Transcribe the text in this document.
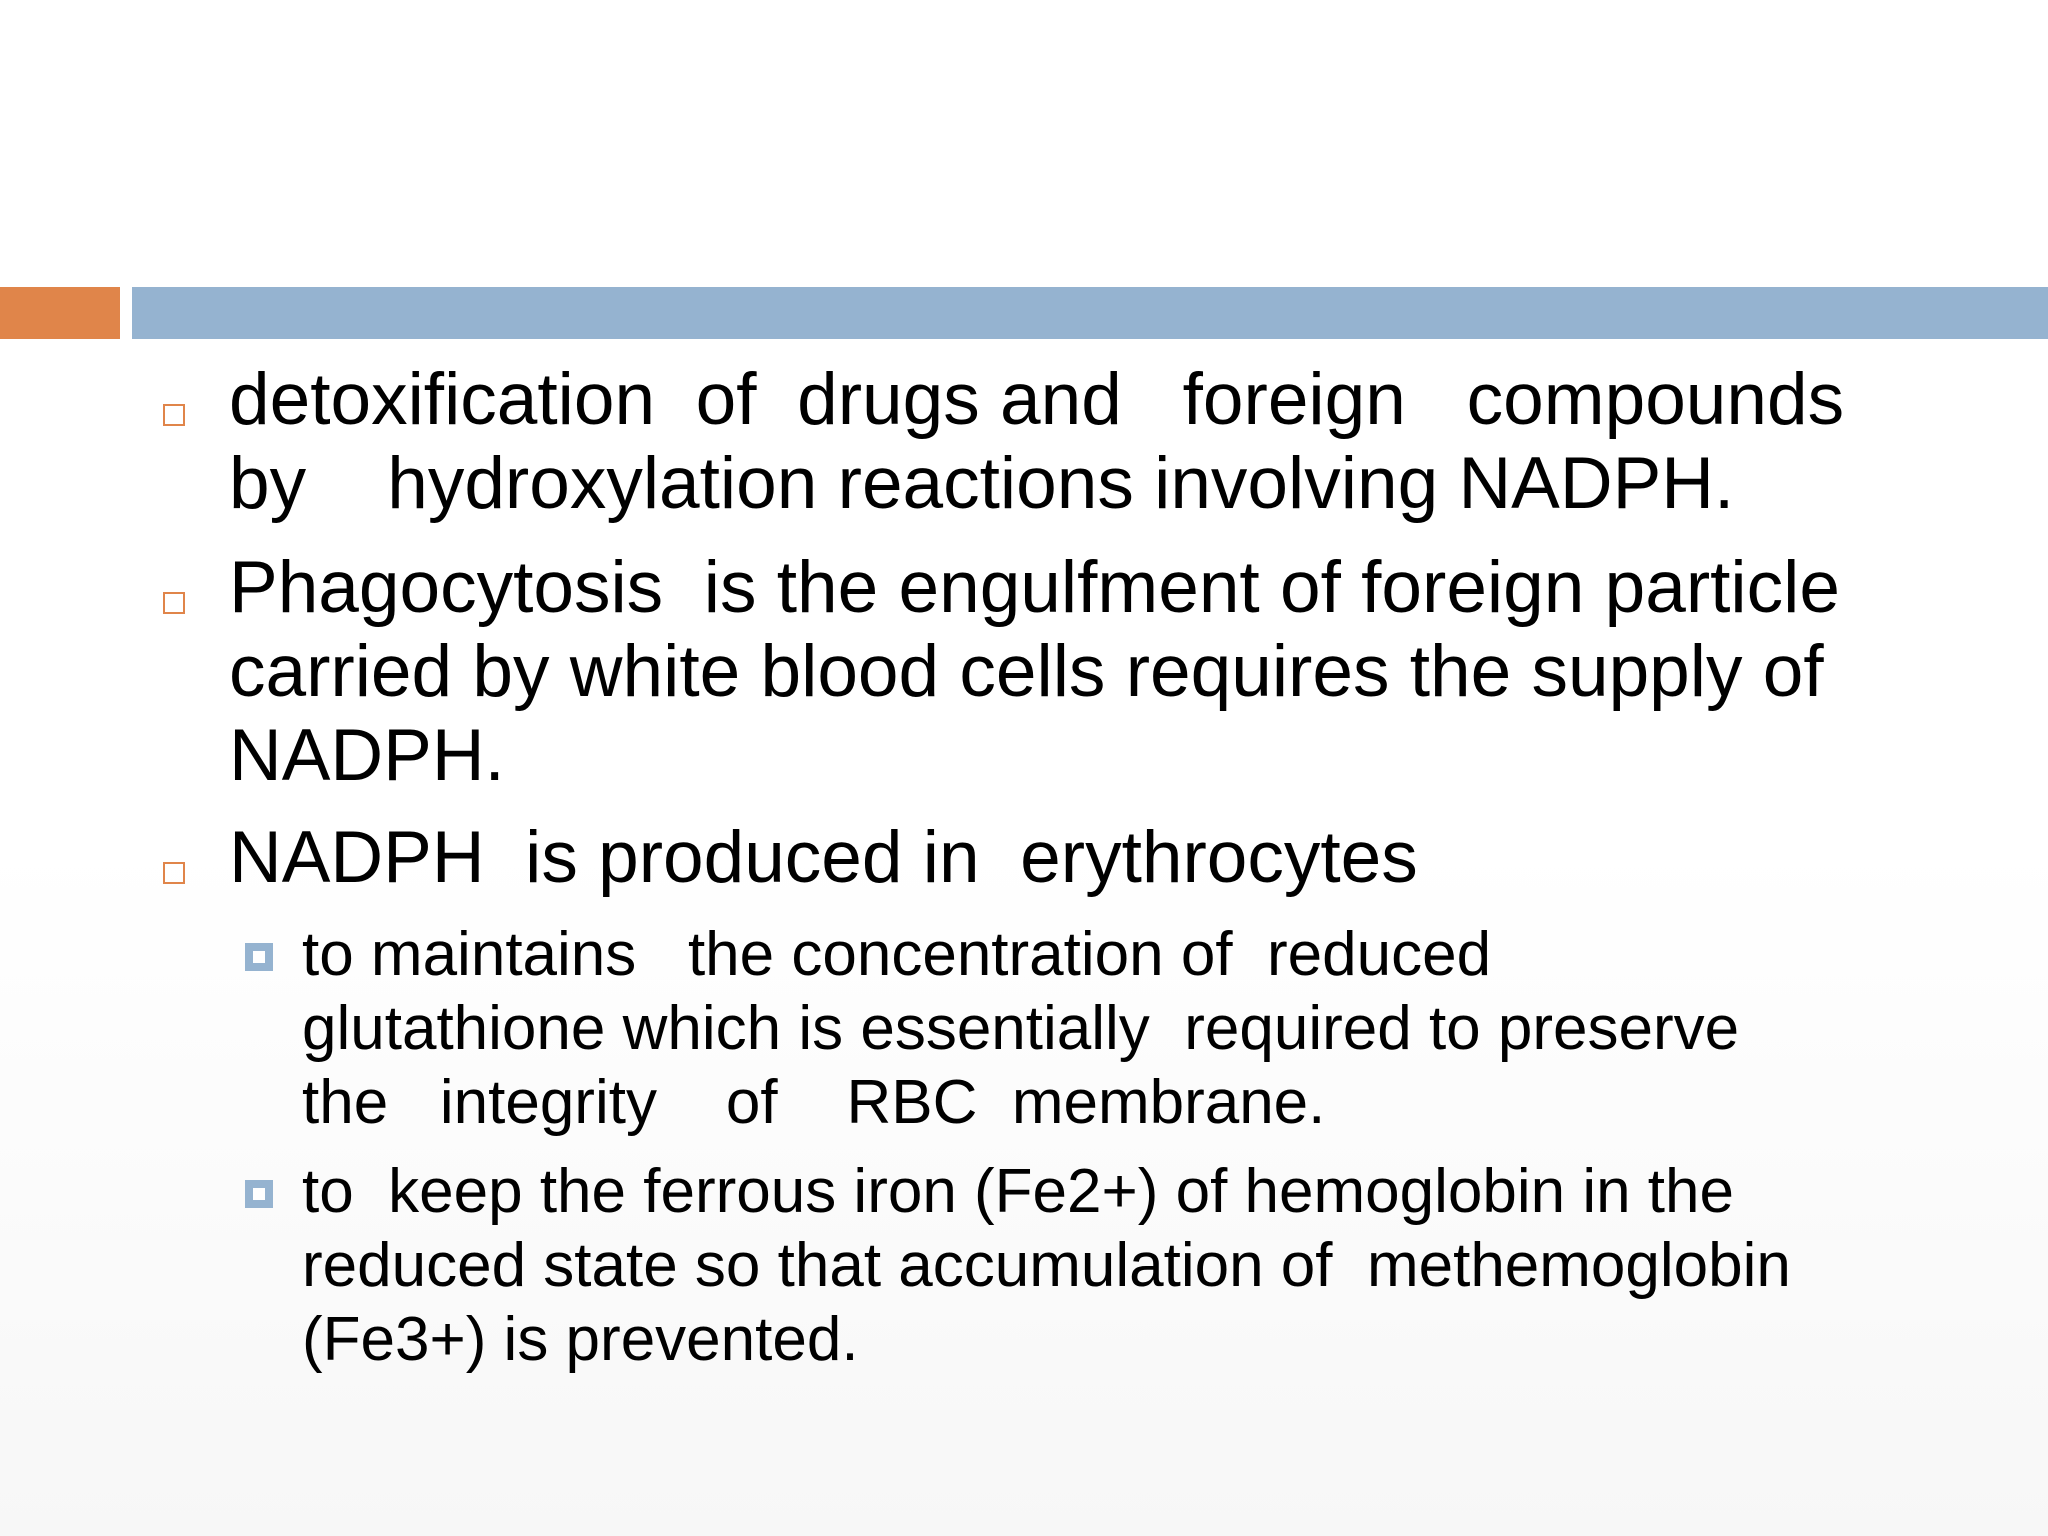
detoxification  of  drugs and   foreign   compounds

by    hydroxylation reactions involving NADPH.

Phagocytosis  is the engulfment of foreign particle

carried by white blood cells requires the supply of

NADPH.

NADPH  is produced in  erythrocytes

to maintains   the concentration of  reduced

glutathione which is essentially  required to preserve

the   integrity    of    RBC  membrane.

to  keep the ferrous iron (Fe2+) of hemoglobin in the

reduced state so that accumulation of  methemoglobin

(Fe3+) is prevented.
